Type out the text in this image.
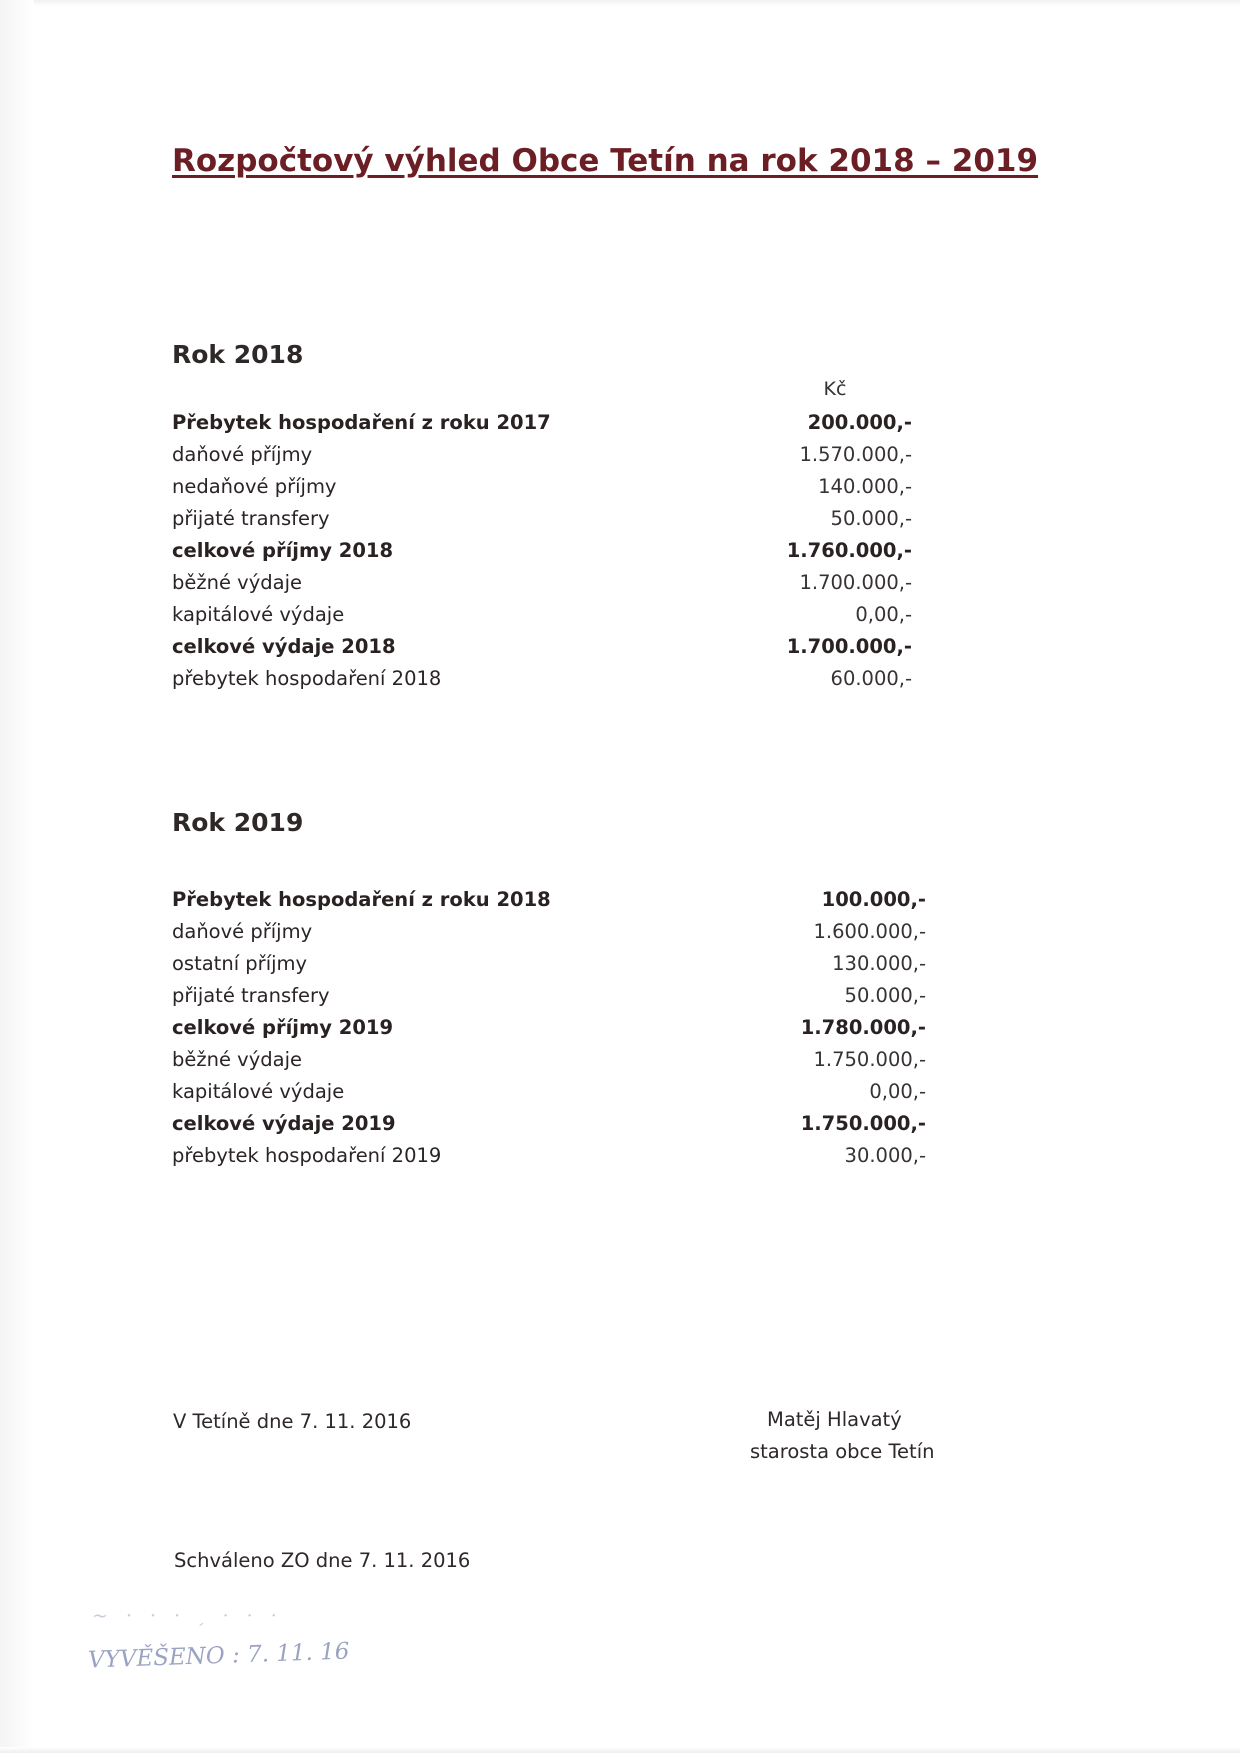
Rozpočtový výhled Obce Tetín na rok 2018 – 2019
Rok 2018
Kč
Přebytek hospodaření z roku 2017	200.000,-
daňové příjmy	1.570.000,-
nedaňové příjmy	140.000,-
přijaté transfery	50.000,-
celkové příjmy 2018	1.760.000,-
běžné výdaje	1.700.000,-
kapitálové výdaje	0,00,-
celkové výdaje 2018	1.700.000,-
přebytek hospodaření 2018	60.000,-
Rok 2019
Přebytek hospodaření z roku 2018	100.000,-
daňové příjmy	1.600.000,-
ostatní příjmy	130.000,-
přijaté transfery	50.000,-
celkové příjmy 2019	1.780.000,-
běžné výdaje	1.750.000,-
kapitálové výdaje	0,00,-
celkové výdaje 2019	1.750.000,-
přebytek hospodaření 2019	30.000,-
V Tetíně dne 7. 11. 2016	Matěj Hlavatý
starosta obce Tetín
Schváleno ZO dne 7. 11. 2016
~ · · · ˏ · · ·
VYVĚŠENO : 7. 11. 16
